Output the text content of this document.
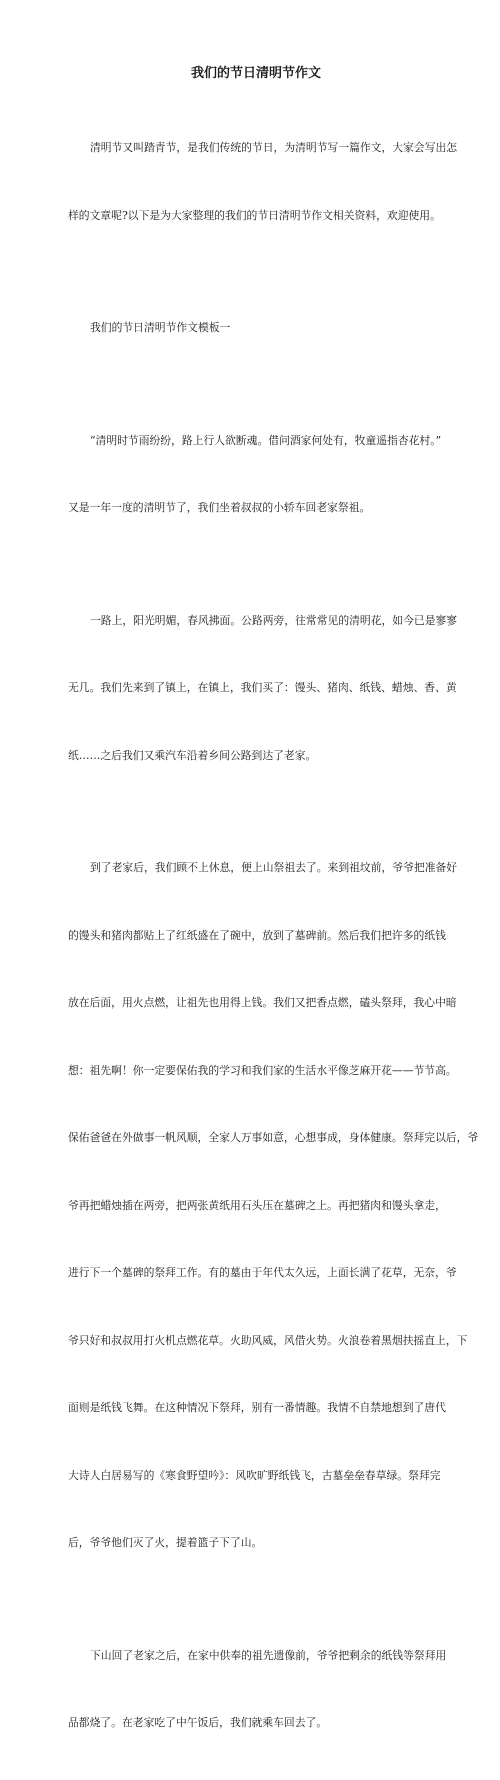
我们的节日清明节作文

清明节又叫踏青节，是我们传统的节日，为清明节写一篇作文，大家会写出怎

样的文章呢?以下是为大家整理的我们的节日清明节作文相关资料，欢迎使用。

我们的节日清明节作文模板一

“清明时节雨纷纷，路上行人欲断魂。借问酒家何处有，牧童遥指杏花村。”

又是一年一度的清明节了，我们坐着叔叔的小轿车回老家祭祖。

一路上，阳光明媚，春风拂面。公路两旁，往常常见的清明花，如今已是寥寥

无几。我们先来到了镇上，在镇上，我们买了：馒头、猪肉、纸钱、蜡烛、香、黄

纸……之后我们又乘汽车沿着乡间公路到达了老家。

到了老家后，我们顾不上休息，便上山祭祖去了。来到祖坟前，爷爷把准备好

的馒头和猪肉都贴上了红纸盛在了碗中，放到了墓碑前。然后我们把许多的纸钱

放在后面，用火点燃，让祖先也用得上钱。我们又把香点燃，磕头祭拜，我心中暗

想：祖先啊！你一定要保佑我的学习和我们家的生活水平像芝麻开花——节节高。

保佑爸爸在外做事一帆风顺，全家人万事如意，心想事成，身体健康。祭拜完以后，爷

爷再把蜡烛插在两旁，把两张黄纸用石头压在墓碑之上。再把猪肉和馒头拿走，

进行下一个墓碑的祭拜工作。有的墓由于年代太久远，上面长满了花草，无奈，爷

爷只好和叔叔用打火机点燃花草。火助风威，风借火势。火浪卷着黑烟扶摇直上，下

面则是纸钱飞舞。在这种情况下祭拜，别有一番情趣。我情不自禁地想到了唐代

大诗人白居易写的《寒食野望吟》：风吹旷野纸钱飞，古墓垒垒春草绿。祭拜完

后，爷爷他们灭了火，提着篮子下了山。

下山回了老家之后，在家中供奉的祖先遗像前，爷爷把剩余的纸钱等祭拜用

品都烧了。在老家吃了中午饭后，我们就乘车回去了。
